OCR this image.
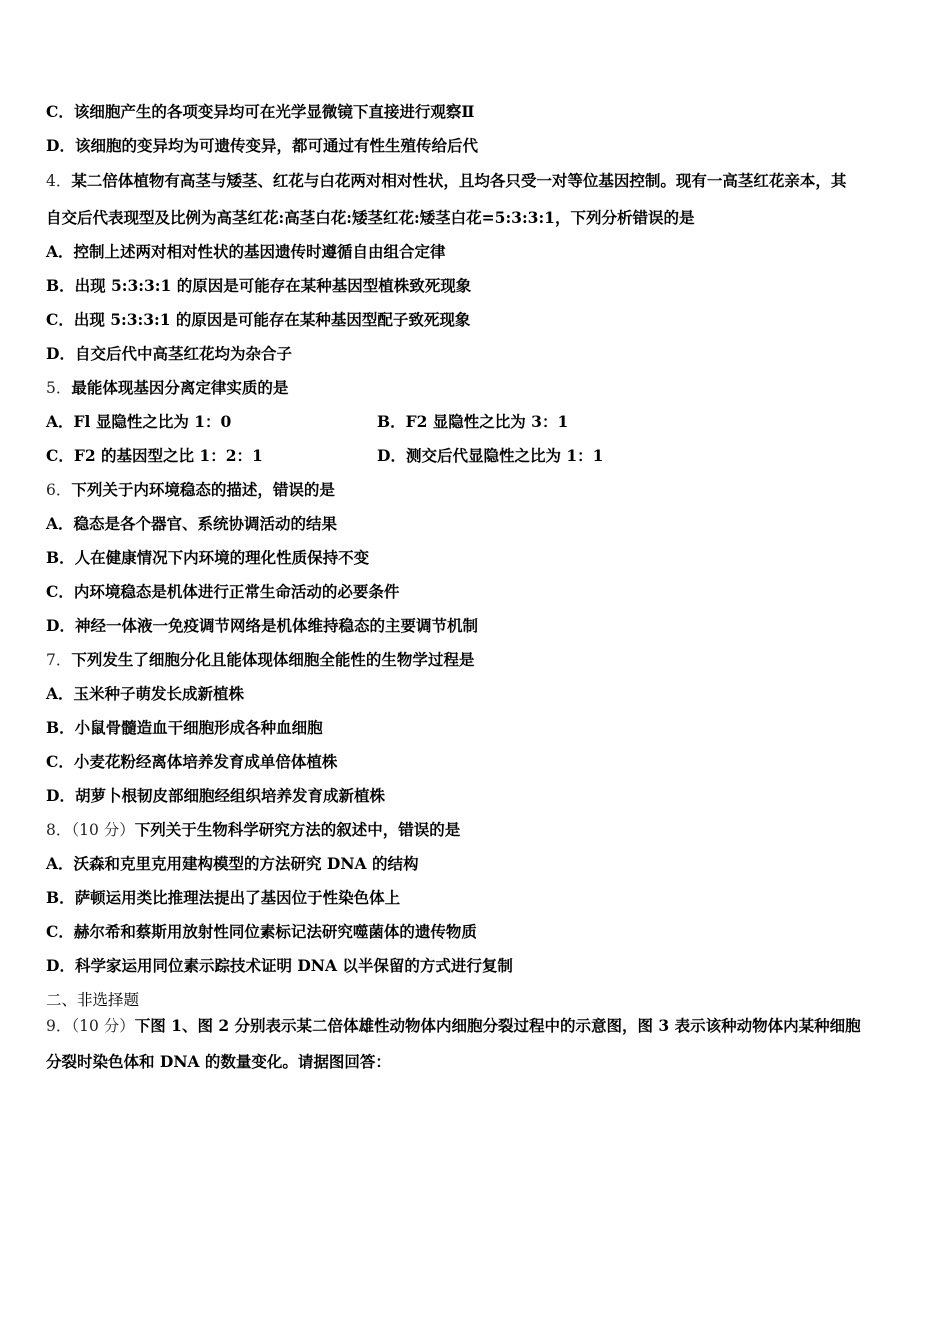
C．该细胞产生的各项变异均可在光学显微镜下直接进行观察Ⅱ
D．该细胞的变异均为可遗传变异，都可通过有性生殖传给后代
4．某二倍体植物有高茎与矮茎、红花与白花两对相对性状，且均各只受一对等位基因控制。现有一高茎红花亲本，其
自交后代表现型及比例为高茎红花:高茎白花:矮茎红花:矮茎白花=5:3:3:1，下列分析错误的是
A．控制上述两对相对性状的基因遗传时遵循自由组合定律
B．出现 5:3:3:1 的原因是可能存在某种基因型植株致死现象
C．出现 5:3:3:1 的原因是可能存在某种基因型配子致死现象
D．自交后代中高茎红花均为杂合子
5．最能体现基因分离定律实质的是
A．Fl 显隐性之比为 1：0	B．F2 显隐性之比为 3：1
C．F2 的基因型之比 1：2：1	D．测交后代显隐性之比为 1：1
6．下列关于内环境稳态的描述，错误的是
A．稳态是各个器官、系统协调活动的结果
B．人在健康情况下内环境的理化性质保持不变
C．内环境稳态是机体进行正常生命活动的必要条件
D．神经一体液一免疫调节网络是机体维持稳态的主要调节机制
7．下列发生了细胞分化且能体现体细胞全能性的生物学过程是
A．玉米种子萌发长成新植株
B．小鼠骨髓造血干细胞形成各种血细胞
C．小麦花粉经离体培养发育成单倍体植株
D．胡萝卜根韧皮部细胞经组织培养发育成新植株
8．（10 分）下列关于生物科学研究方法的叙述中，错误的是
A．沃森和克里克用建构模型的方法研究 DNA 的结构
B．萨顿运用类比推理法提出了基因位于性染色体上
C．赫尔希和蔡斯用放射性同位素标记法研究噬菌体的遗传物质
D．科学家运用同位素示踪技术证明 DNA 以半保留的方式进行复制
二、非选择题
9．（10 分）下图 1、图 2 分别表示某二倍体雄性动物体内细胞分裂过程中的示意图，图 3 表示该种动物体内某种细胞
分裂时染色体和 DNA 的数量变化。请据图回答：
